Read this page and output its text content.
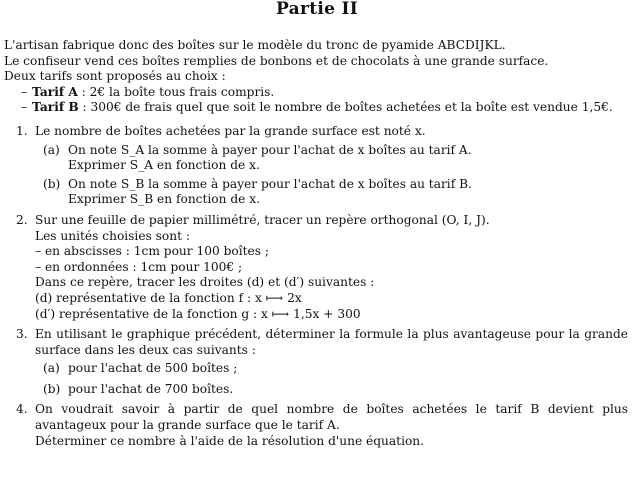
Partie II

L'artisan fabrique donc des boîtes sur le modèle du tronc de pyamide ABCDIJKL.

Le confiseur vend ces boîtes remplies de bonbons et de chocolats à une grande surface.

Deux tarifs sont proposés au choix :

– Tarif A : 2€ la boîte tous frais compris.
– Tarif B : 300€ de frais quel que soit le nombre de boîtes achetées et la boîte est vendue 1,5€.
1. Le nombre de boîtes achetées par la grande surface est noté x.

(a) On note S_A la somme à payer pour l'achat de x boîtes au tarif A.

Exprimer S_A en fonction de x.

(b) On note S_B la somme à payer pour l'achat de x boîtes au tarif B.

Exprimer S_B en fonction de x.

2. Sur une feuille de papier millimétré, tracer un repère orthogonal (O, I, J).

Les unités choisies sont :

– en abscisses : 1cm pour 100 boîtes ;

– en ordonnées : 1cm pour 100€ ;

Dans ce repère, tracer les droites (d) et (d′) suivantes :

(d) représentative de la fonction f : x ⟼ 2x

(d′) représentative de la fonction g : x ⟼ 1,5x + 300

3. En utilisant le graphique précédent, déterminer la formule la plus avantageuse pour la grande surface dans les deux cas suivants :

(a) pour l'achat de 500 boîtes ;

(b) pour l'achat de 700 boîtes.

4. On voudrait savoir à partir de quel nombre de boîtes achetées le tarif B devient plus avantageux pour la grande surface que le tarif A.

Déterminer ce nombre à l'aide de la résolution d'une équation.
